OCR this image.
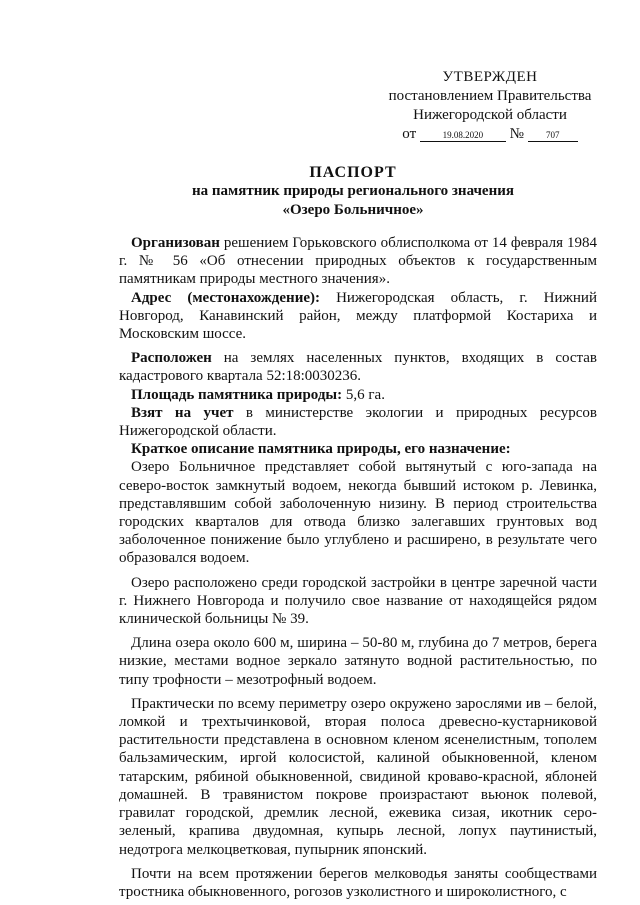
УТВЕРЖДЕН
постановлением Правительства
Нижегородской области
от	19.08.2020 № 707
ПАСПОРТ
на памятник природы регионального значения
«Озеро Больничное»

Организован решением Горьковского облисполкома от 14 февраля 1984 г. № 56 «Об отнесении природных объектов к государственным памятникам природы местного значения».

Адрес (местонахождение): Нижегородская область, г. Нижний Новгород, Канавинский район, между платформой Костариха и Московским шоссе.

Расположен на землях населенных пунктов, входящих в состав кадастрового квартала 52:18:0030236.

Площадь памятника природы: 5,6 га.

Взят на учет в министерстве экологии и природных ресурсов Нижегородской области.

Краткое описание памятника природы, его назначение:

Озеро Больничное представляет собой вытянутый с юго-запада на северо-восток замкнутый водоем, некогда бывший истоком р. Левинка, представлявшим собой заболоченную низину. В период строительства городских кварталов для отвода близко залегавших грунтовых вод заболоченное понижение было углублено и расширено, в результате чего образовался водоем.

Озеро расположено среди городской застройки в центре заречной части г. Нижнего Новгорода и получило свое название от находящейся рядом клинической больницы № 39.

Длина озера около 600 м, ширина – 50-80 м, глубина до 7 метров, берега низкие, местами водное зеркало затянуто водной растительностью, по типу трофности – мезотрофный водоем.

Практически по всему периметру озеро окружено зарослями ив – белой, ломкой и трехтычинковой, вторая полоса древесно-кустарниковой растительности представлена в основном кленом ясенелистным, тополем бальзамическим, иргой колосистой, калиной обыкновенной, кленом татарским, рябиной обыкновенной, свидиной кроваво-красной, яблоней домашней. В травянистом покрове произрастают вьюнок полевой, гравилат городской, дремлик лесной, ежевика сизая, икотник серо-зеленый, крапива двудомная, купырь лесной, лопух паутинистый, недотрога мелкоцветковая, пупырник японский.

Почти на всем протяжении берегов мелководья заняты сообществами тростника обыкновенного, рогозов узколистного и широколистного, с
